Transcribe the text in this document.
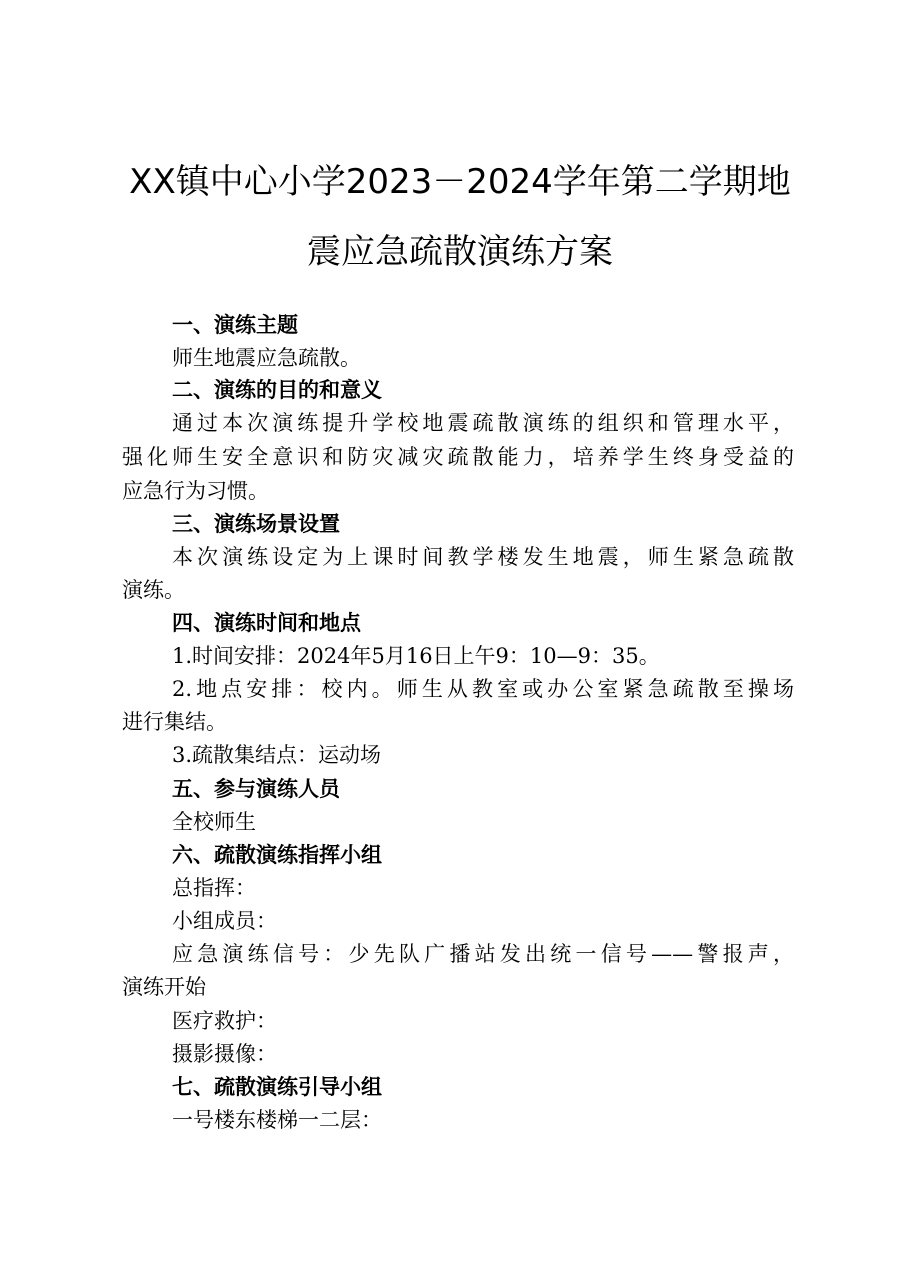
XX镇中心小学2023－2024学年第二学期地
震应急疏散演练方案
一、演练主题
师生地震应急疏散。
二、演练的目的和意义
通过本次演练提升学校地震疏散演练的组织和管理水平，
强化师生安全意识和防灾减灾疏散能力，培养学生终身受益的
应急行为习惯。
三、演练场景设置
本次演练设定为上课时间教学楼发生地震，师生紧急疏散
演练。
四、演练时间和地点
1.时间安排：2024年5月16日上午9：10—9：35。
2.地点安排：校内。师生从教室或办公室紧急疏散至操场
进行集结。
3.疏散集结点：运动场
五、参与演练人员
全校师生
六、疏散演练指挥小组
总指挥：
小组成员：
应急演练信号：少先队广播站发出统一信号——警报声，
演练开始
医疗救护：
摄影摄像：
七、疏散演练引导小组
一号楼东楼梯一二层：
